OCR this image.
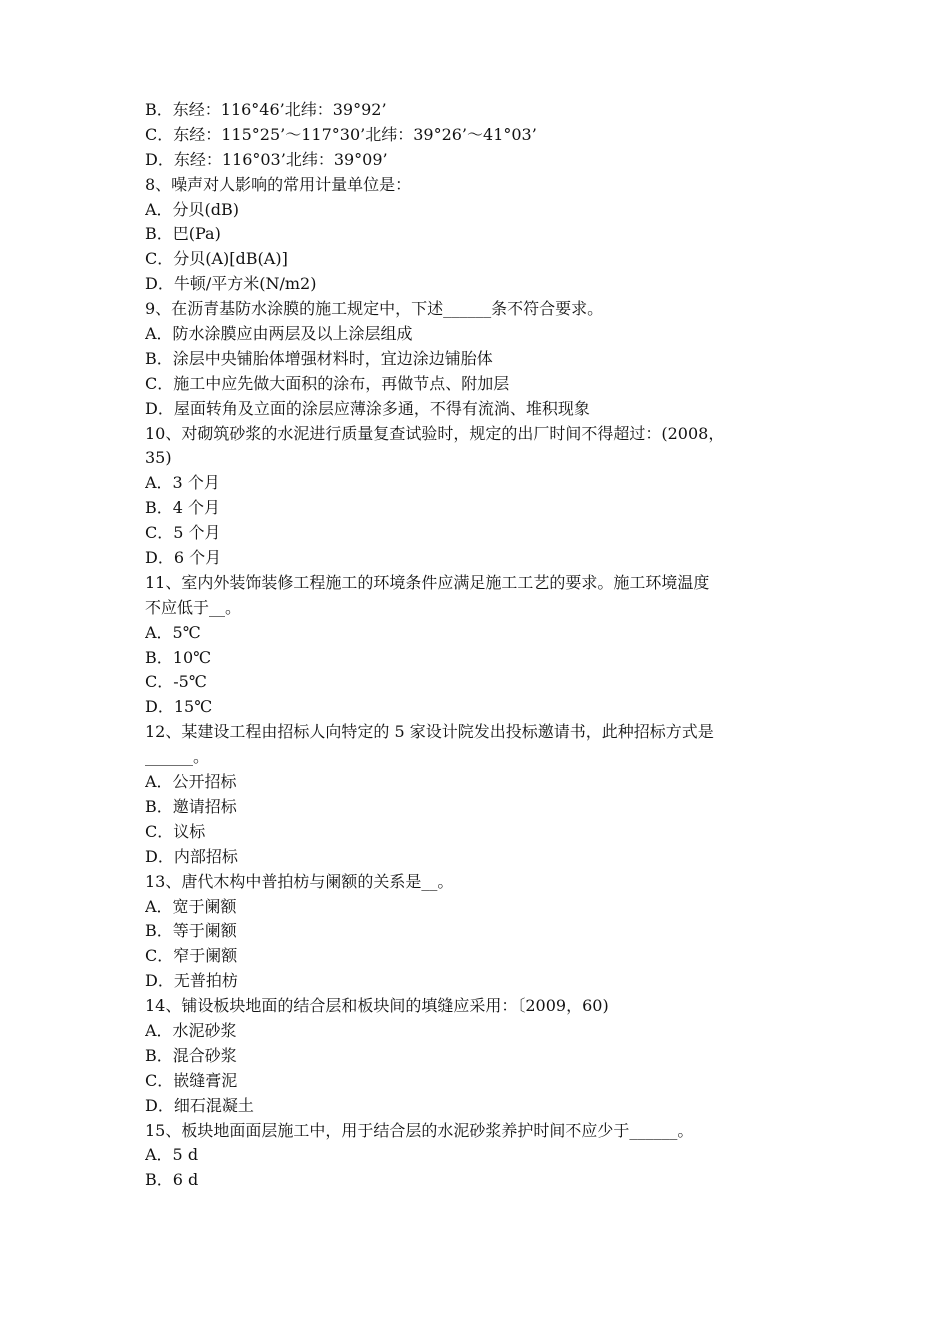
B．东经：116°46’北纬：39°92’
C．东经：115°25’～117°30’北纬：39°26’～41°03’
D．东经：116°03’北纬：39°09’
8、噪声对人影响的常用计量单位是：
A．分贝(dB)
B．巴(Pa)
C．分贝(A)[dB(A)]
D．牛顿/平方米(N/m2)
9、在沥青基防水涂膜的施工规定中，下述______条不符合要求。
A．防水涂膜应由两层及以上涂层组成
B．涂层中央铺胎体增强材料时，宜边涂边铺胎体
C．施工中应先做大面积的涂布，再做节点、附加层
D．屋面转角及立面的涂层应薄涂多通，不得有流淌、堆积现象
10、对砌筑砂浆的水泥进行质量复查试验时，规定的出厂时间不得超过：(2008，
35)
A．3 个月
B．4 个月
C．5 个月
D．6 个月
11、室内外装饰装修工程施工的环境条件应满足施工工艺的要求。施工环境温度
不应低于__。
A．5℃
B．10℃
C．-5℃
D．15℃
12、某建设工程由招标人向特定的 5 家设计院发出投标邀请书，此种招标方式是
______。
A．公开招标
B．邀请招标
C．议标
D．内部招标
13、唐代木构中普拍枋与阑额的关系是__。
A．宽于阑额
B．等于阑额
C．窄于阑额
D．无普拍枋
14、铺设板块地面的结合层和板块间的填缝应采用：〔2009，60)
A．水泥砂浆
B．混合砂浆
C．嵌缝膏泥
D．细石混凝土
15、板块地面面层施工中，用于结合层的水泥砂浆养护时间不应少于______。
A．5 d
B．6 d
